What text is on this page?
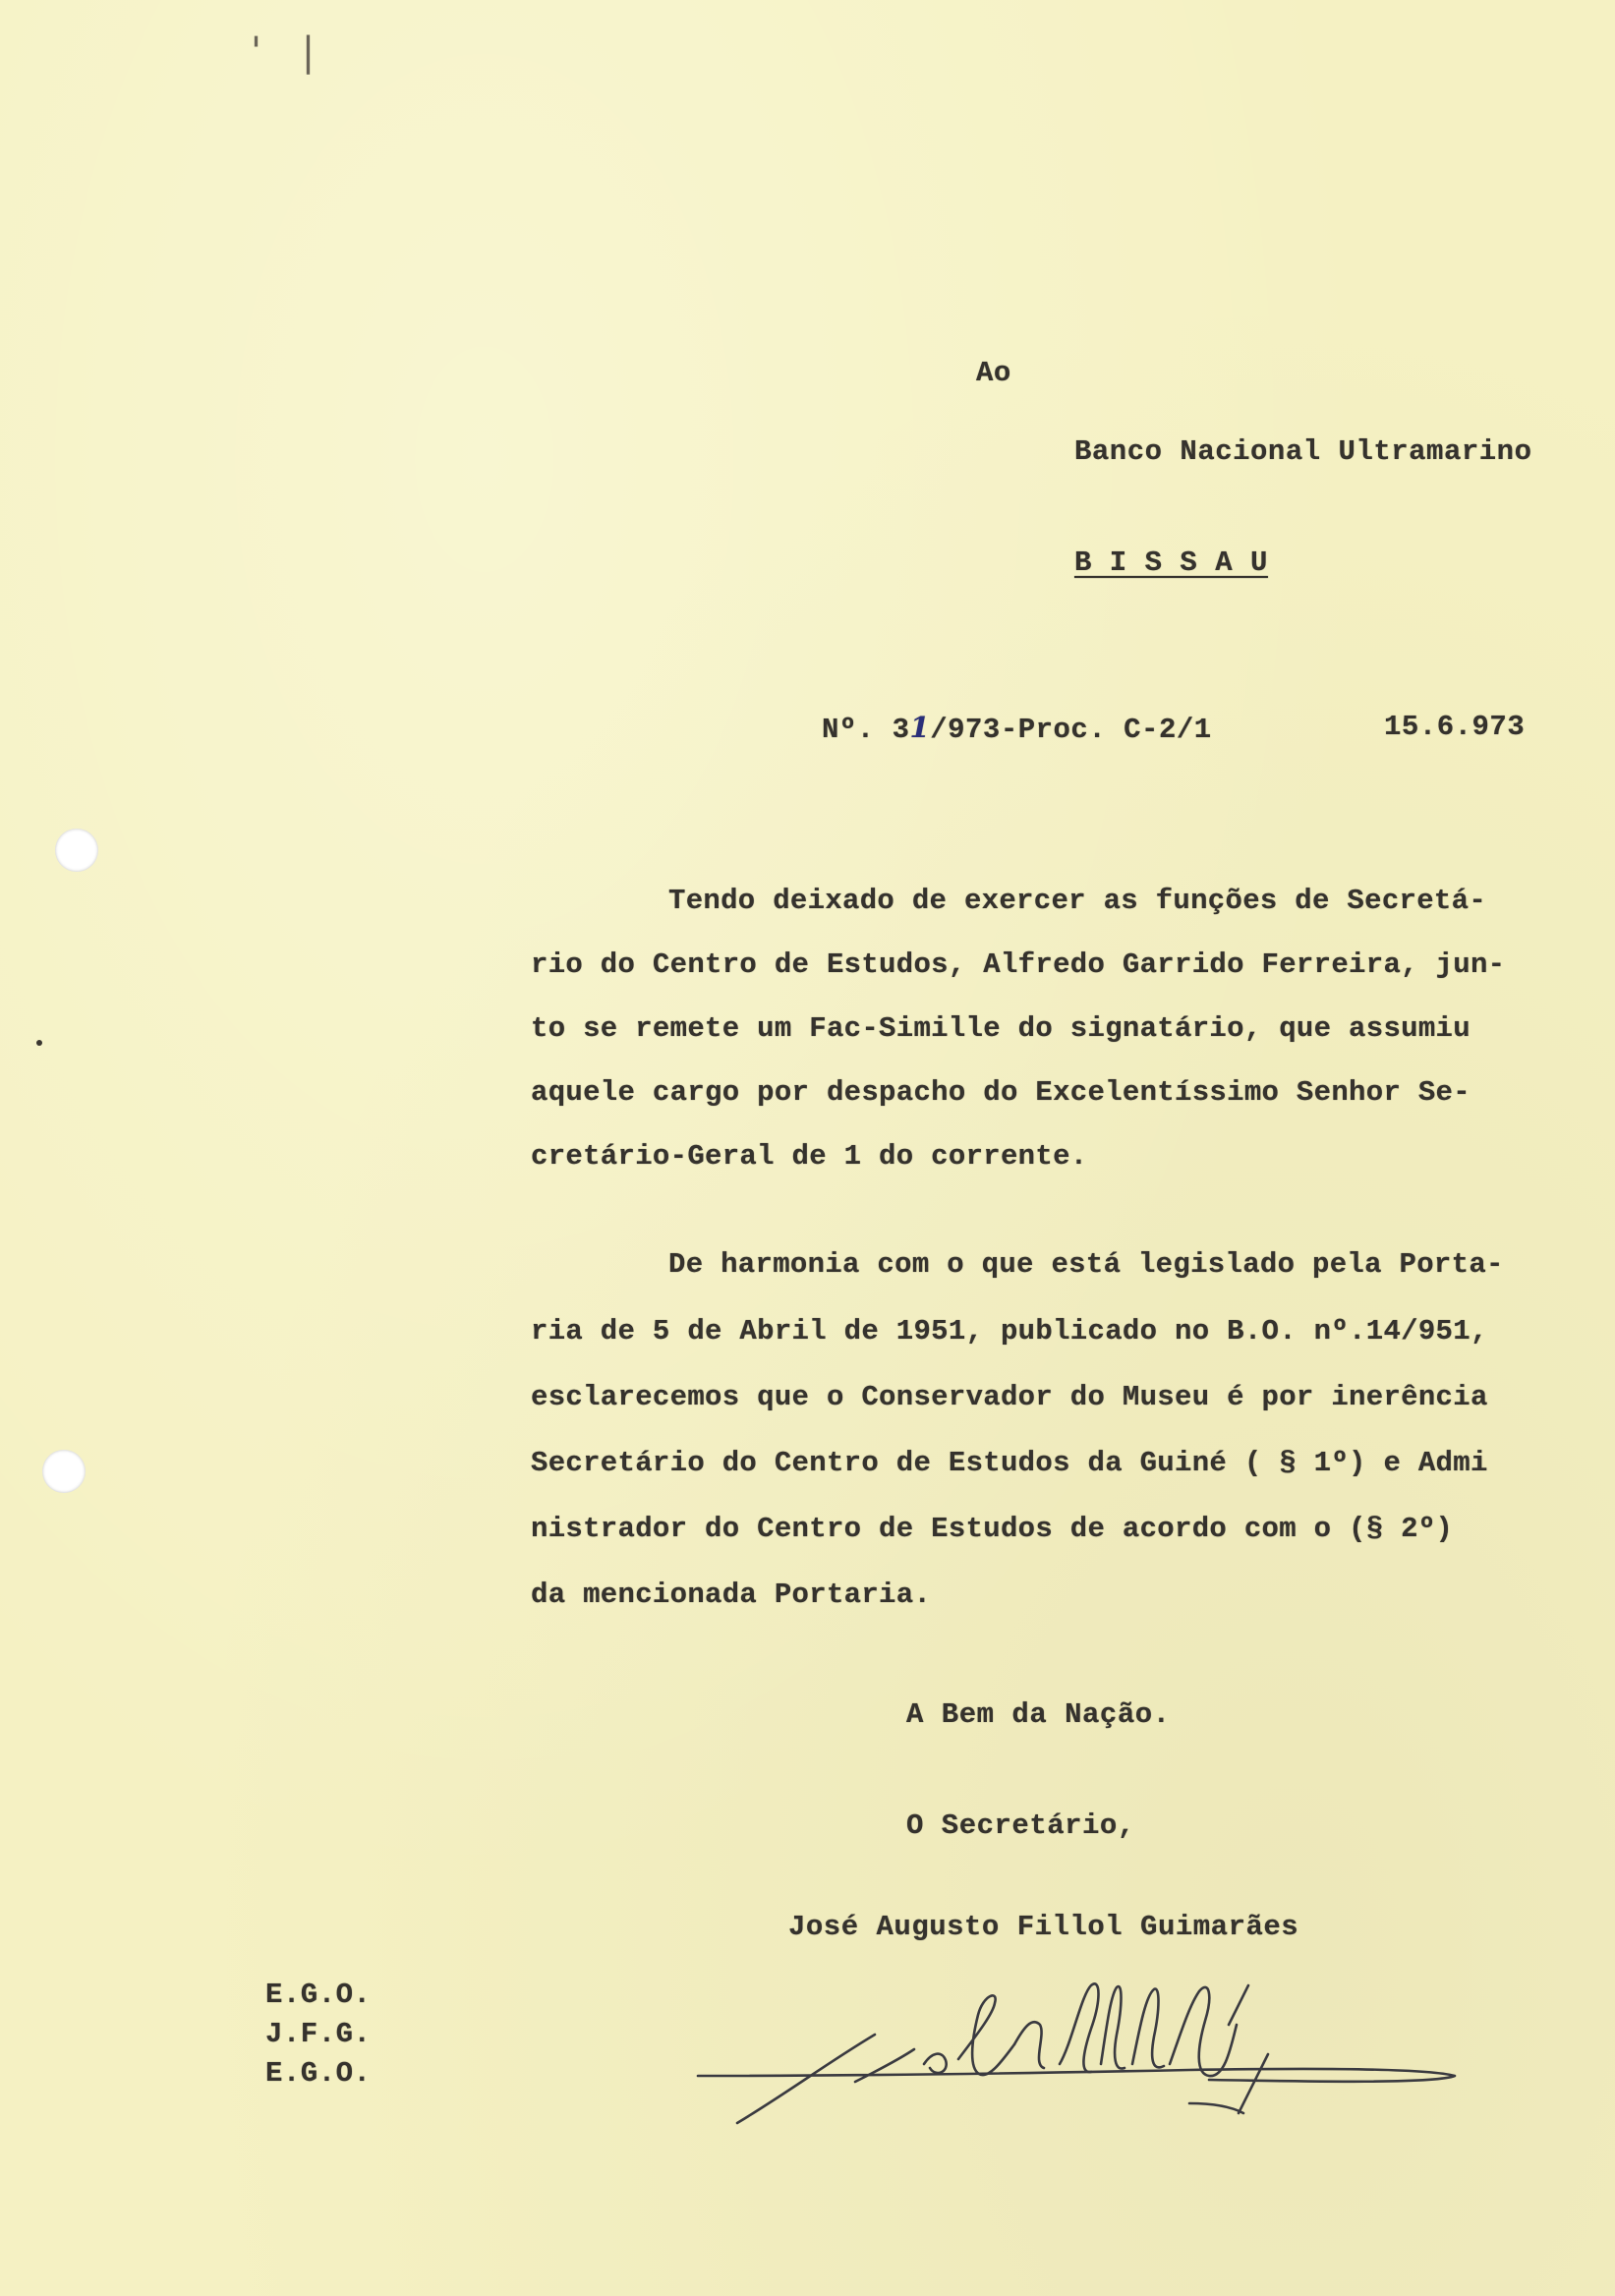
' |
Ao
Banco Nacional Ultramarino
B I S S A U
Nº. 31/973-Proc. C-2/1	15.6.973
Tendo deixado de exercer as funções de Secretá-
rio do Centro de Estudos, Alfredo Garrido Ferreira, jun-
to se remete um Fac-Simille do signatário, que assumiu
aquele cargo por despacho do Excelentíssimo Senhor Se-
cretário-Geral de 1 do corrente.
De harmonia com o que está legislado pela Porta-
ria de 5 de Abril de 1951, publicado no B.O. nº.14/951,
esclarecemos que o Conservador do Museu é por inerência
Secretário do Centro de Estudos da Guiné ( § 1º) e Admi
nistrador do Centro de Estudos de acordo com o (§ 2º)
da mencionada Portaria.
A Bem da Nação.
O Secretário,
José Augusto Fillol Guimarães
E.G.O.
J.F.G.
E.G.O.
